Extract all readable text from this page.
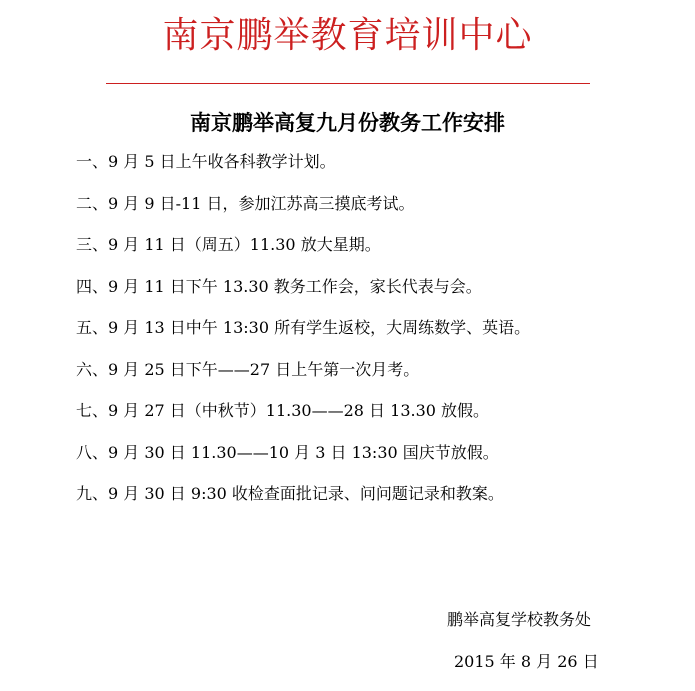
南京鹏举教育培训中心
南京鹏举高复九月份教务工作安排
一、9 月 5 日上午收各科教学计划。
二、9 月 9 日-11 日，参加江苏高三摸底考试。
三、9 月 11 日（周五）11.30 放大星期。
四、9 月 11 日下午 13.30 教务工作会，家长代表与会。
五、9 月 13 日中午 13:30 所有学生返校，大周练数学、英语。
六、9 月 25 日下午——27 日上午第一次月考。
七、9 月 27 日（中秋节）11.30——28 日 13.30 放假。
八、9 月 30 日 11.30——10 月 3 日 13:30 国庆节放假。
九、9 月 30 日 9:30 收检查面批记录、问问题记录和教案。
鹏举高复学校教务处
2015 年 8 月 26 日
